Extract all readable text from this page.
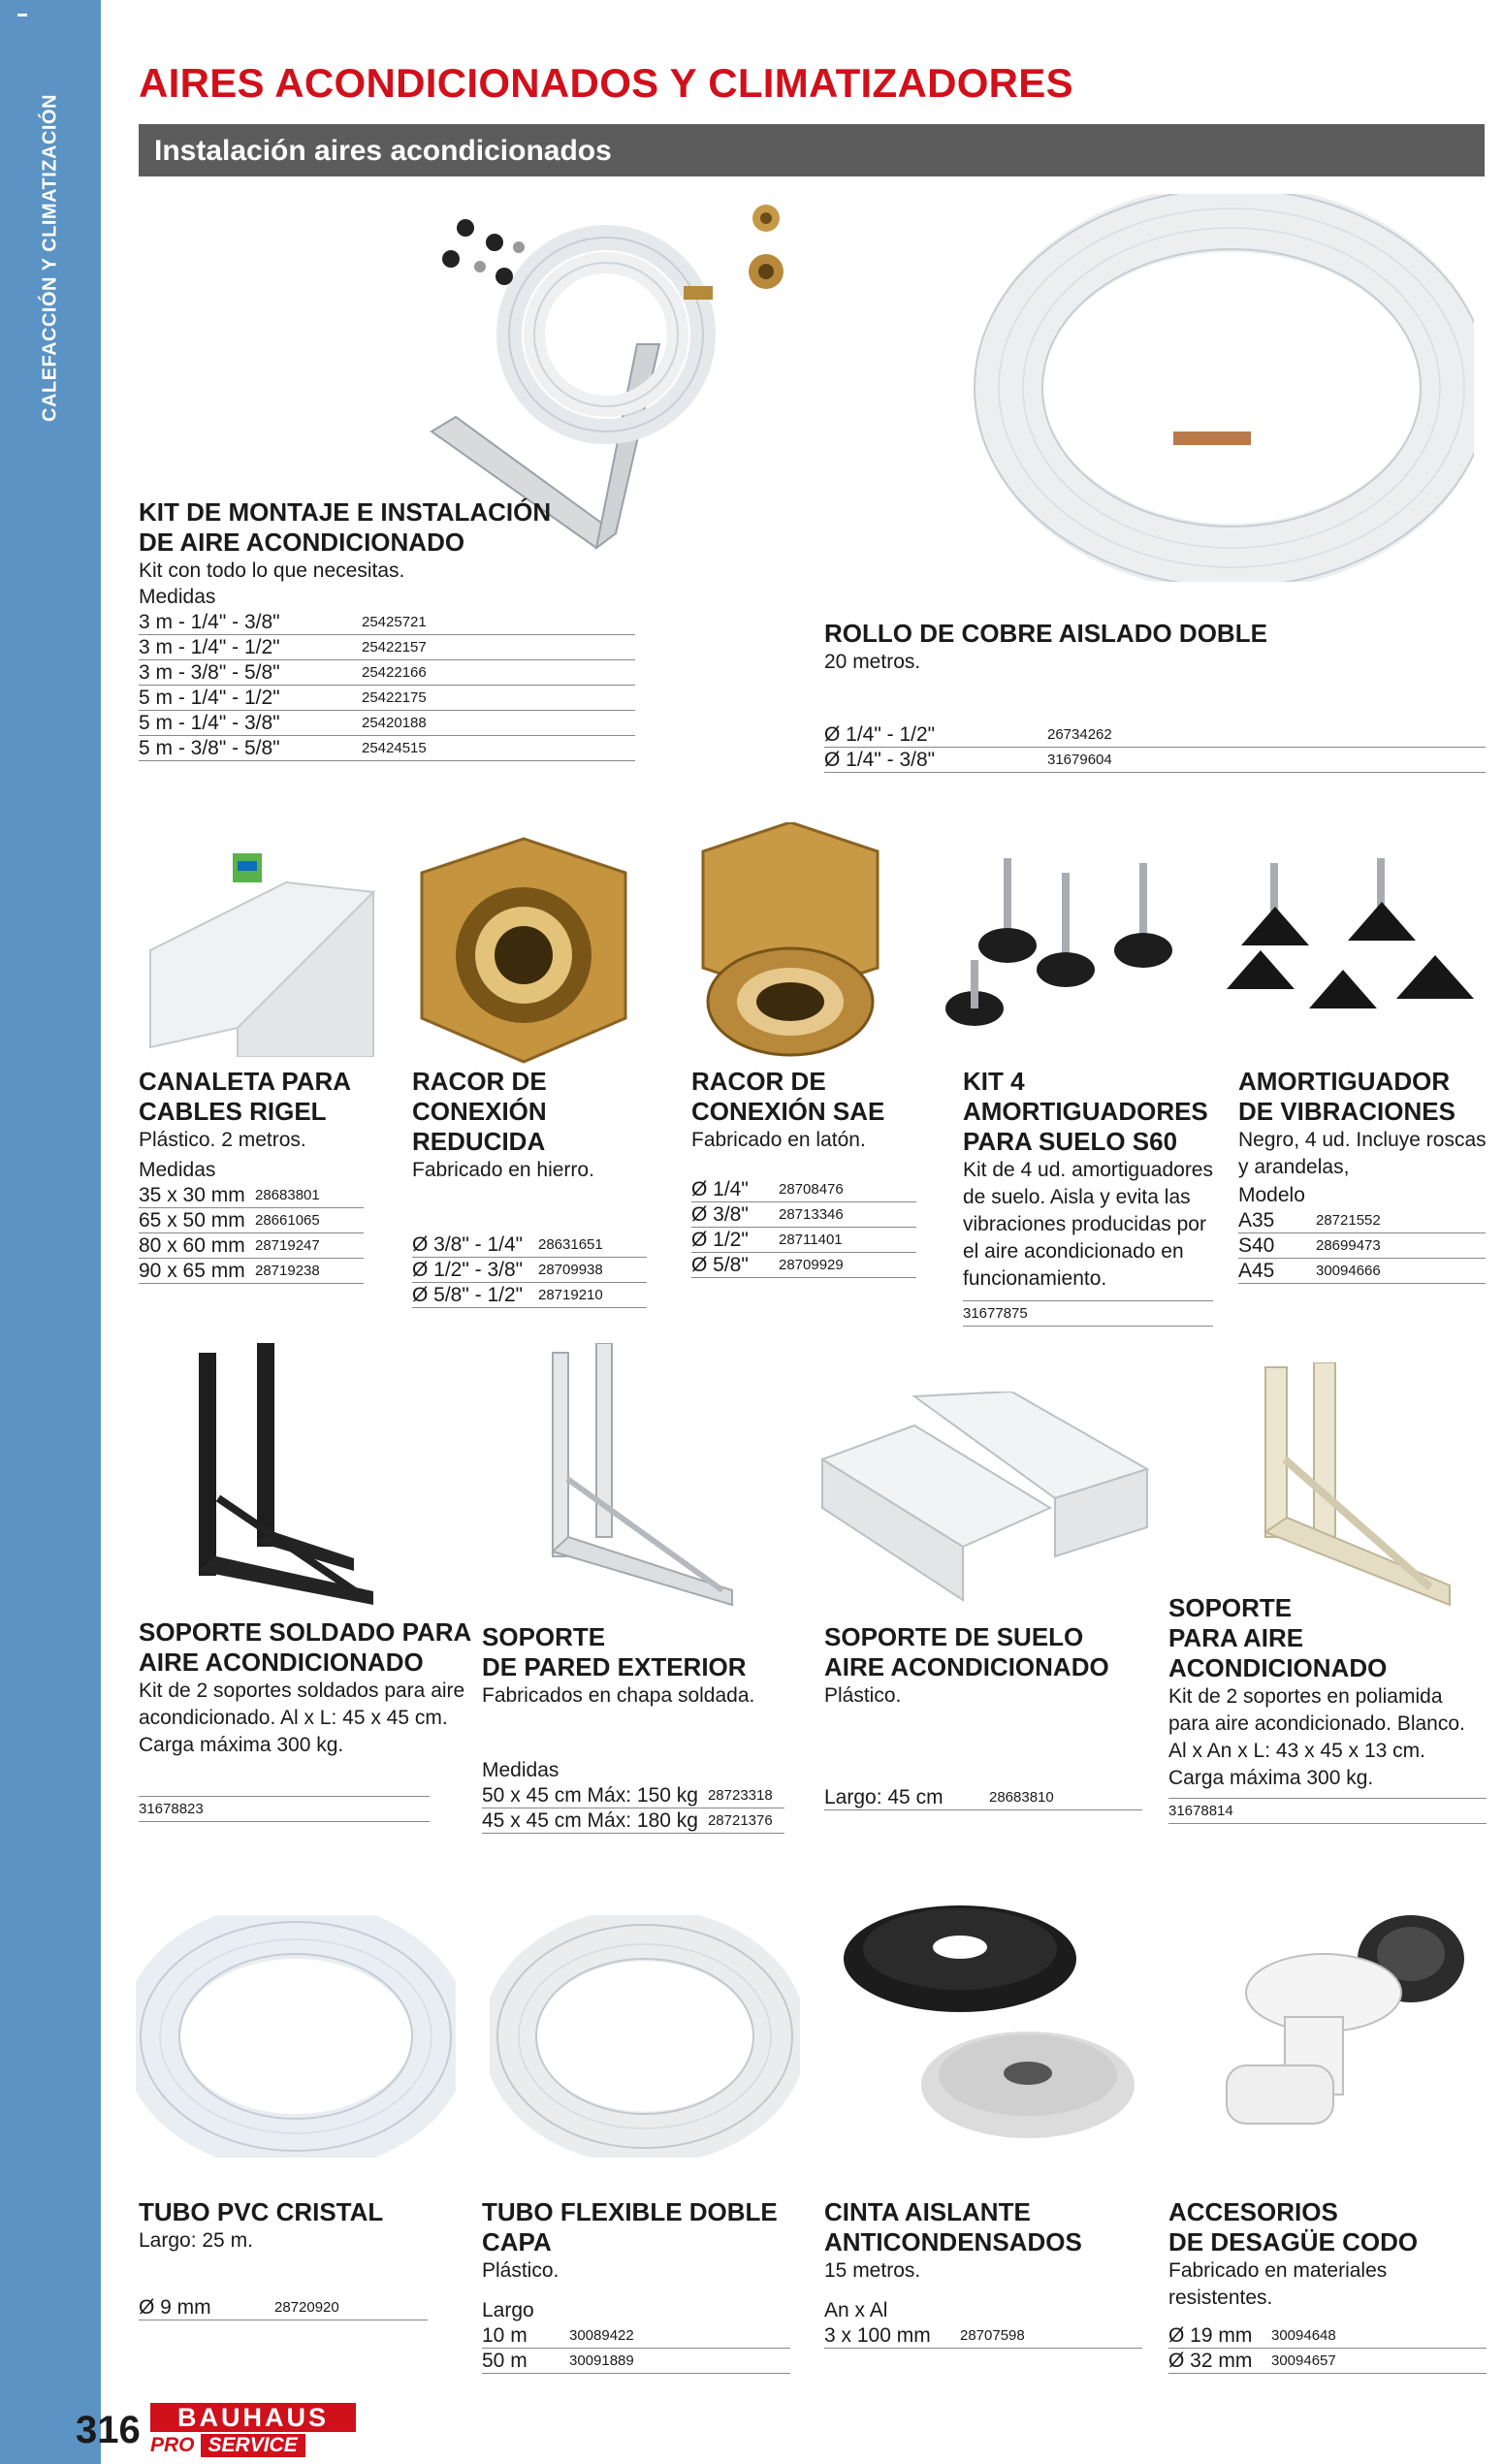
CALEFACCIÓN Y CLIMATIZACIÓN
AIRES ACONDICIONADOS Y CLIMATIZADORES
Instalación aires acondicionados
KIT DE MONTAJE E INSTALACIÓN
DE AIRE ACONDICIONADO
Kit con todo lo que necesitas.
Medidas
3 m - 1/4" - 3/8"	25425721
3 m - 1/4" - 1/2"	25422157
3 m - 3/8" - 5/8"	25422166
5 m - 1/4" - 1/2"	25422175
5 m - 1/4" - 3/8"	25420188
5 m - 3/8" - 5/8"	25424515
ROLLO DE COBRE AISLADO DOBLE
20 metros.
Ø 1/4" - 1/2"	26734262
Ø 1/4" - 3/8"	31679604
CANALETA PARA
CABLES RIGEL
Plástico. 2 metros.
Medidas
35 x 30 mm	28683801
65 x 50 mm	28661065
80 x 60 mm	28719247
90 x 65 mm	28719238
RACOR DE
CONEXIÓN REDUCIDA
Fabricado en hierro.
Ø 3/8" - 1/4"	28631651
Ø 1/2" - 3/8"	28709938
Ø 5/8" - 1/2"	28719210
RACOR DE
CONEXIÓN SAE
Fabricado en latón.
Ø 1/4"	28708476
Ø 3/8"	28713346
Ø 1/2"	28711401
Ø 5/8"	28709929
KIT 4
AMORTIGUADORES
PARA SUELO S60
Kit de 4 ud. amortiguadores
de suelo. Aisla y evita las
vibraciones producidas por
el aire acondicionado en
funcionamiento.
31677875
AMORTIGUADOR
DE VIBRACIONES
Negro, 4 ud. Incluye roscas
y arandelas,
Modelo
A35	28721552
S40	28699473
A45	30094666
SOPORTE SOLDADO PARA
AIRE ACONDICIONADO
Kit de 2 soportes soldados para aire
acondicionado. Al x L: 45 x 45 cm.
Carga máxima 300 kg.
31678823
SOPORTE
DE PARED EXTERIOR
Fabricados en chapa soldada.
Medidas
50 x 45 cm Máx: 150 kg	28723318
45 x 45 cm Máx: 180 kg	28721376
SOPORTE DE SUELO
AIRE ACONDICIONADO
Plástico.
Largo: 45 cm	28683810
SOPORTE
PARA AIRE
ACONDICIONADO
Kit de 2 soportes en poliamida
para aire acondicionado. Blanco.
Al x An x L: 43 x 45 x 13 cm.
Carga máxima 300 kg.
31678814
TUBO PVC CRISTAL
Largo: 25 m.
Ø 9 mm	28720920
TUBO FLEXIBLE DOBLE CAPA
Plástico.
Largo
10 m	30089422
50 m	30091889
CINTA AISLANTE
ANTICONDENSADOS
15 metros.
An x Al
3 x 100 mm	28707598
ACCESORIOS
DE DESAGÜE CODO
Fabricado en materiales resistentes.
Ø 19 mm	30094648
Ø 32 mm	30094657
316	BAUHAUS
PRO SERVICE
